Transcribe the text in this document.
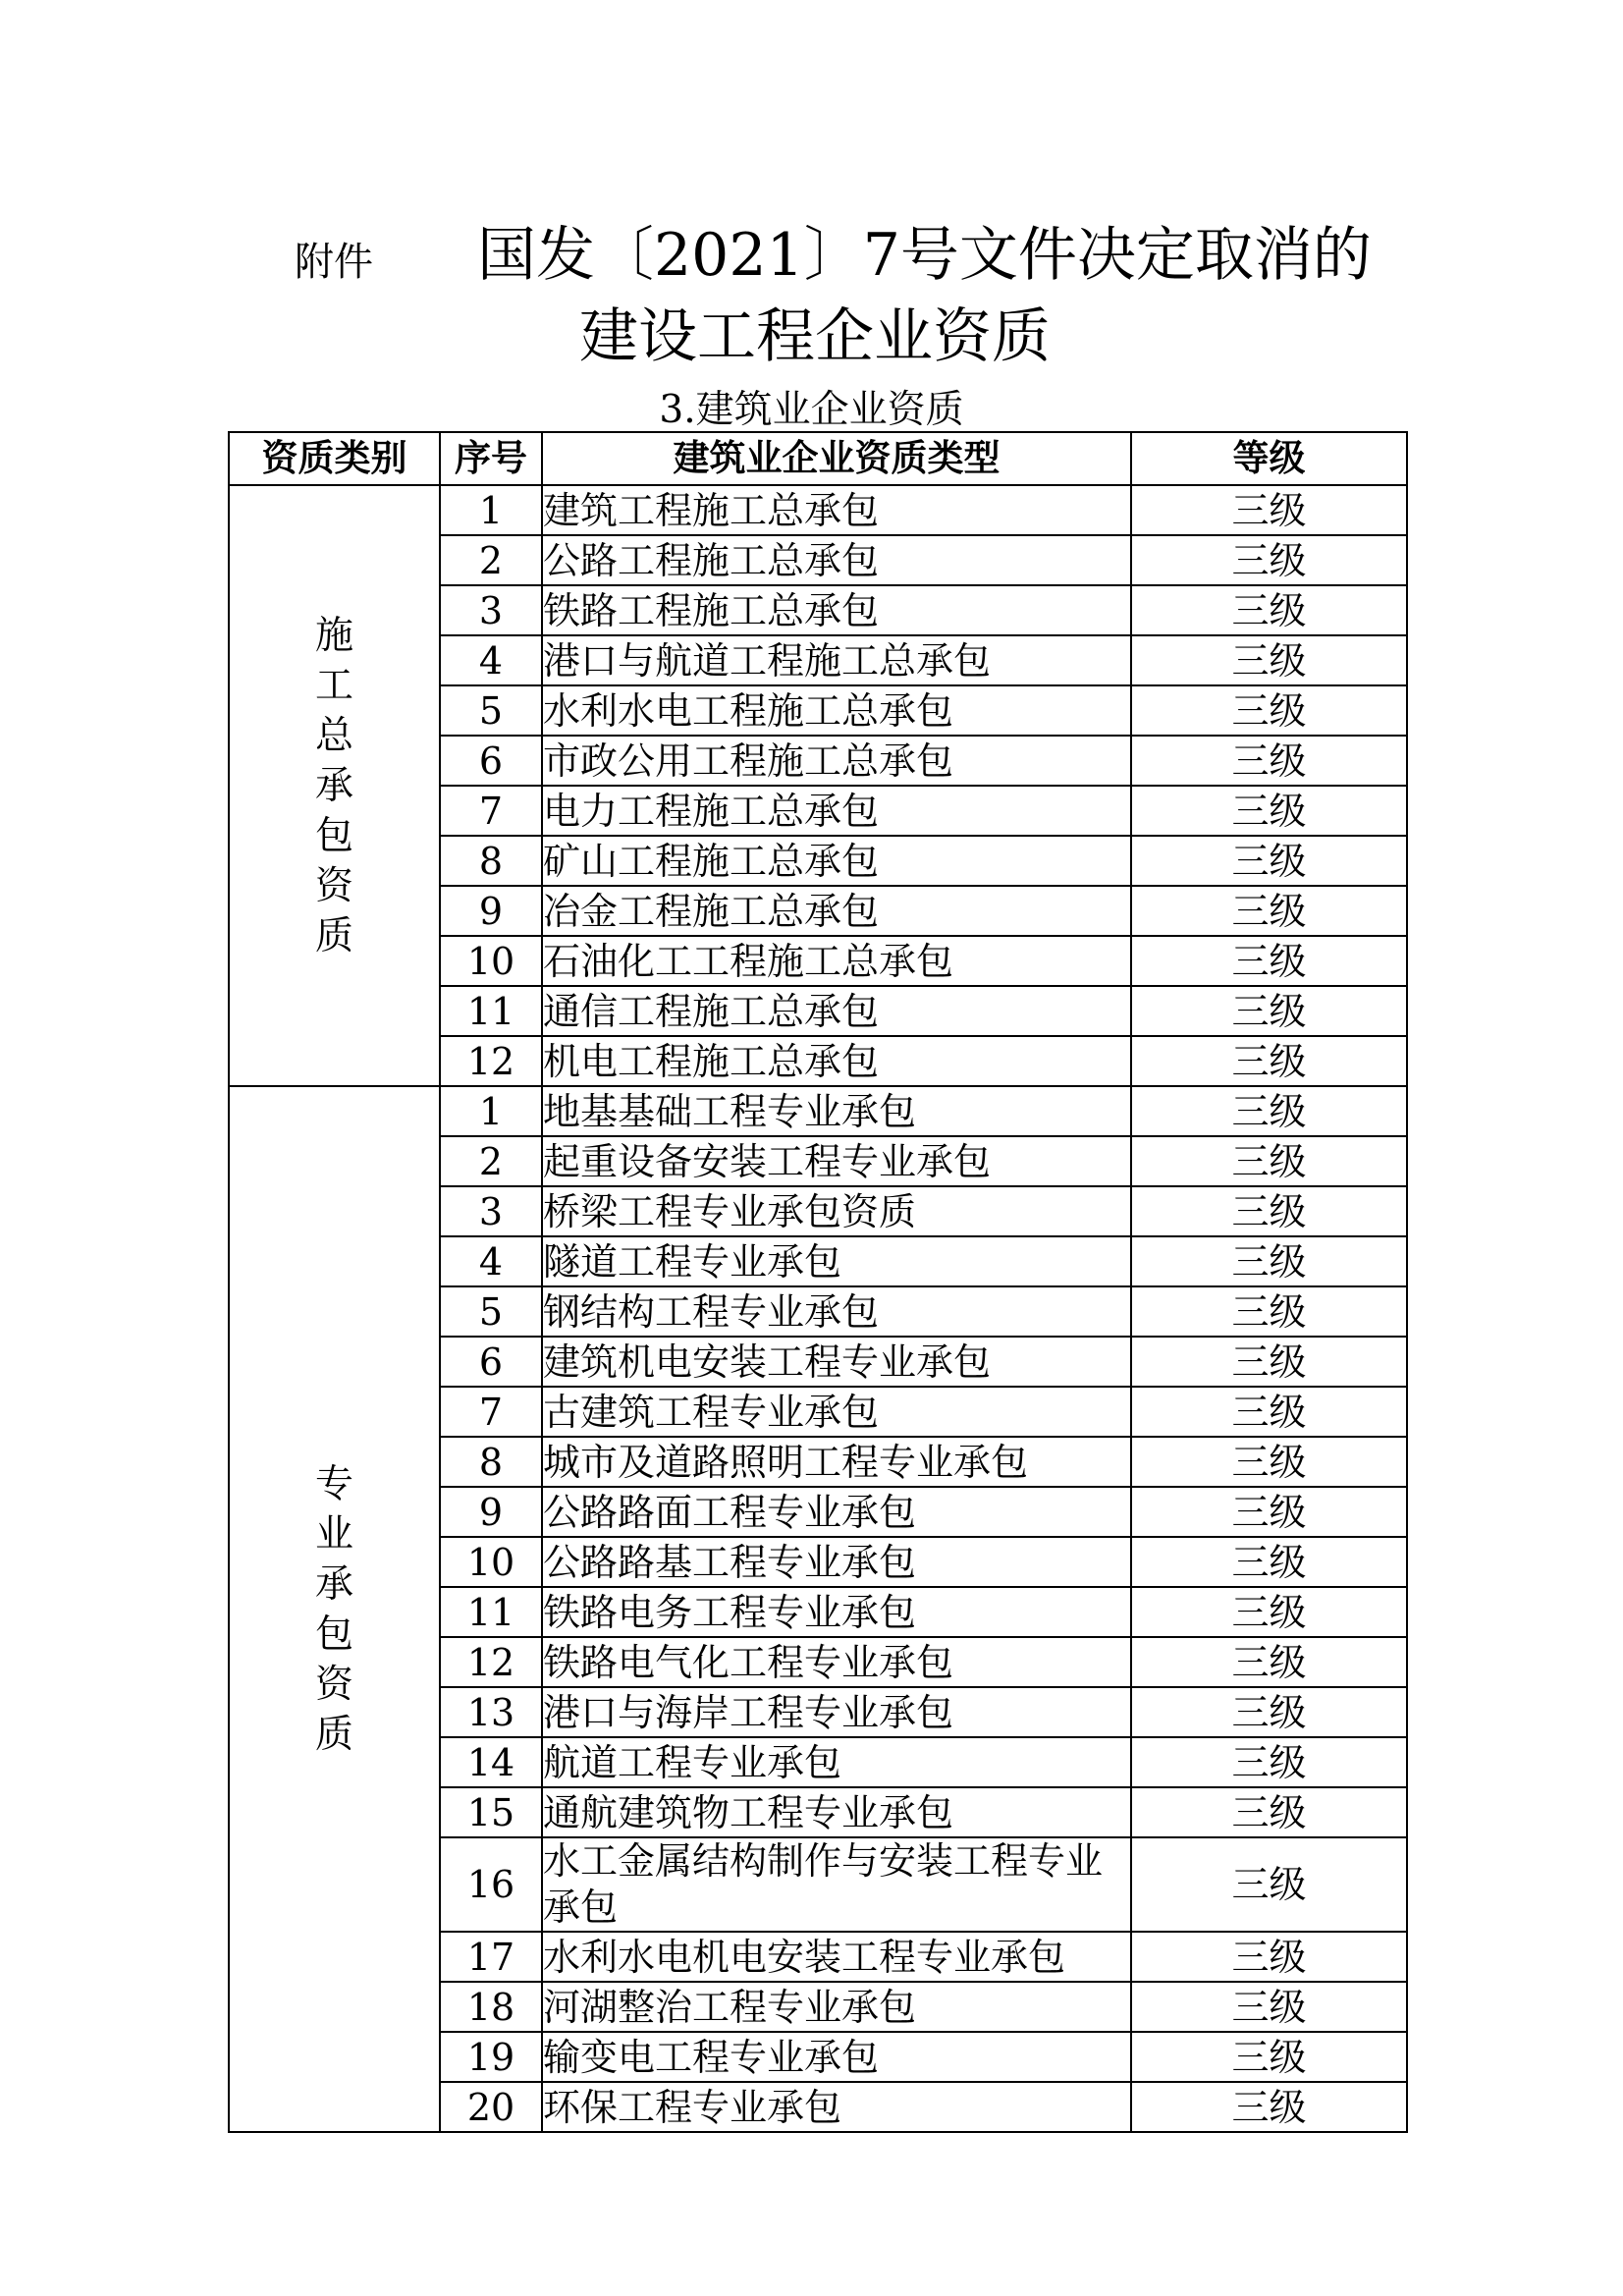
附件 国发〔2021〕7号文件决定取消的
建设工程企业资质
3.建筑业企业资质
资质类别	序号	建筑业企业资质类型	等级
施工总承包资质	1	建筑工程施工总承包	三级
	2	公路工程施工总承包	三级
	3	铁路工程施工总承包	三级
	4	港口与航道工程施工总承包	三级
	5	水利水电工程施工总承包	三级
	6	市政公用工程施工总承包	三级
	7	电力工程施工总承包	三级
	8	矿山工程施工总承包	三级
	9	冶金工程施工总承包	三级
	10	石油化工工程施工总承包	三级
	11	通信工程施工总承包	三级
	12	机电工程施工总承包	三级
专业承包资质	1	地基基础工程专业承包	三级
	2	起重设备安装工程专业承包	三级
	3	桥梁工程专业承包资质	三级
	4	隧道工程专业承包	三级
	5	钢结构工程专业承包	三级
	6	建筑机电安装工程专业承包	三级
	7	古建筑工程专业承包	三级
	8	城市及道路照明工程专业承包	三级
	9	公路路面工程专业承包	三级
	10	公路路基工程专业承包	三级
	11	铁路电务工程专业承包	三级
	12	铁路电气化工程专业承包	三级
	13	港口与海岸工程专业承包	三级
	14	航道工程专业承包	三级
	15	通航建筑物工程专业承包	三级
	16	水工金属结构制作与安装工程专业承包	三级
	17	水利水电机电安装工程专业承包	三级
	18	河湖整治工程专业承包	三级
	19	输变电工程专业承包	三级
	20	环保工程专业承包	三级
